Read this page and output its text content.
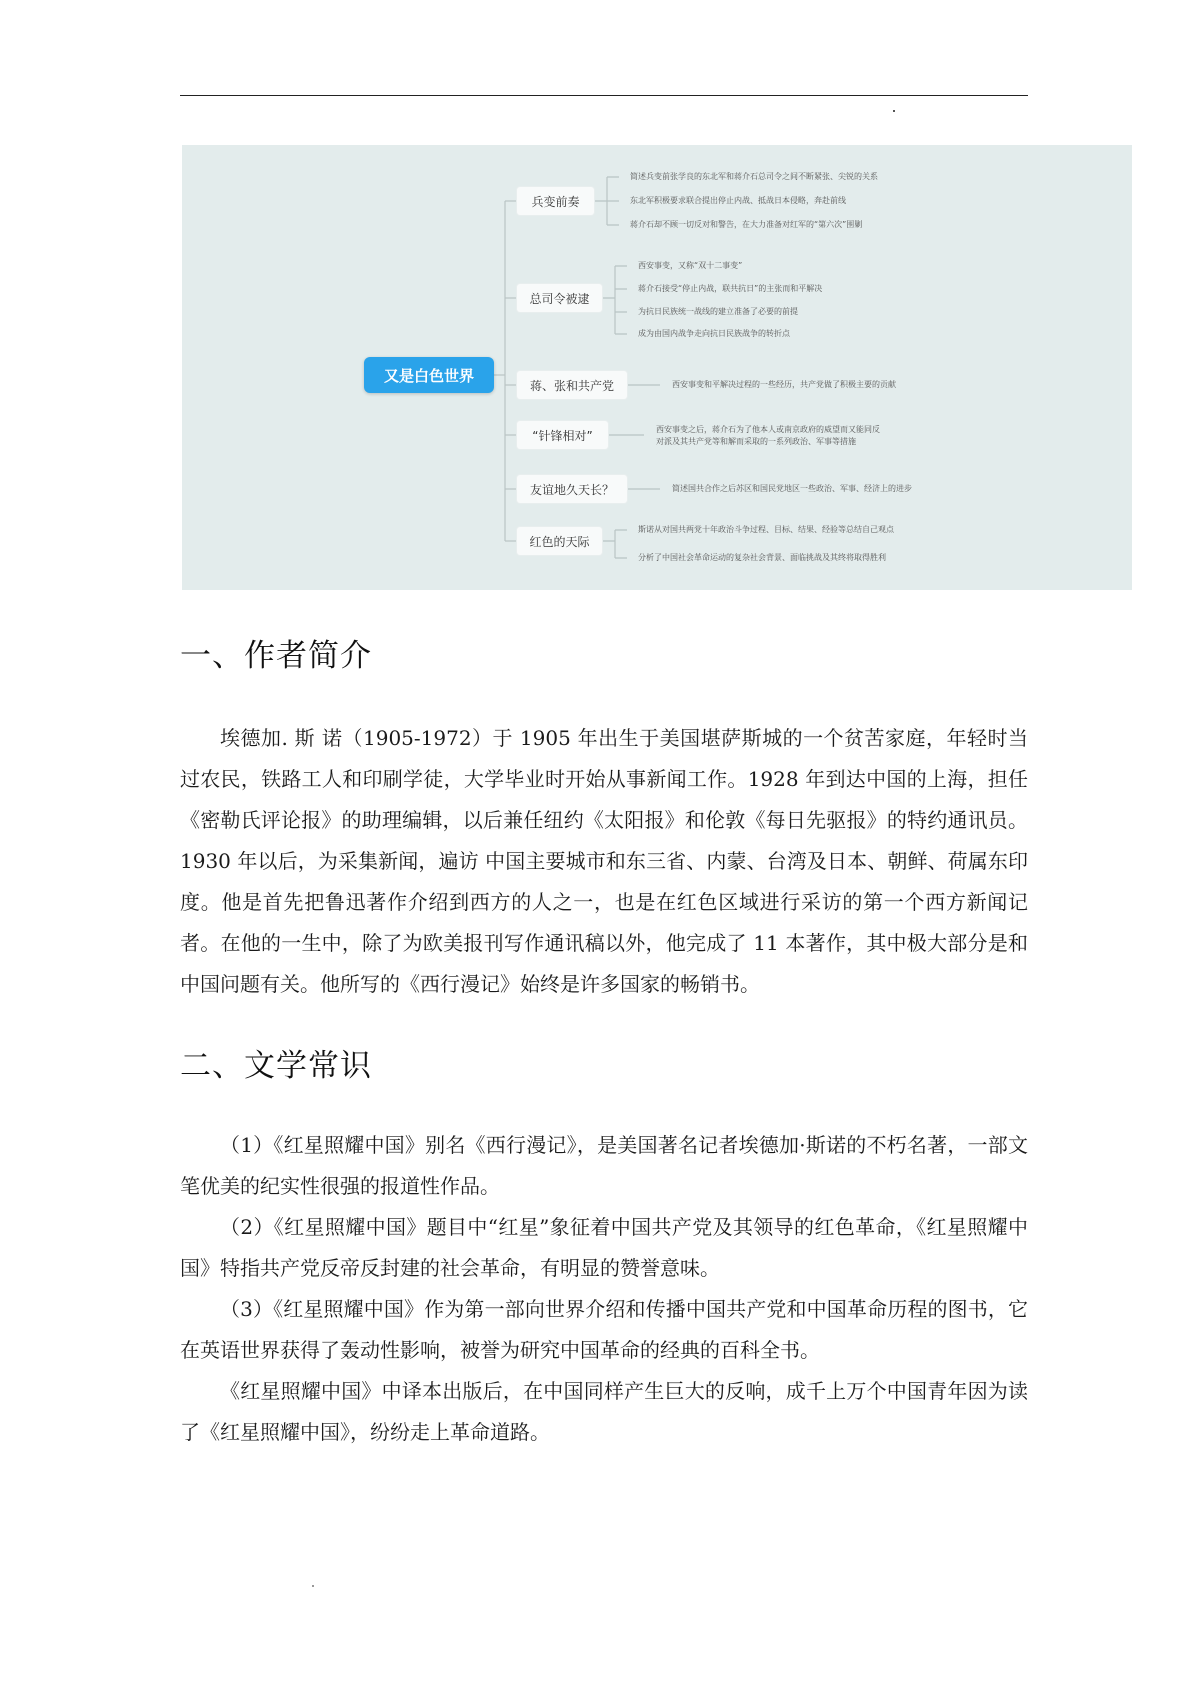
又是白色世界
兵变前奏
简述兵变前张学良的东北军和蒋介石总司令之间不断紧张、尖锐的关系
东北军积极要求联合提出停止内战、抵战日本侵略，奔赴前线
蒋介石却不顾一切反对和警告，在大力准备对红军的“第六次”围剿
总司令被逮
西安事变，又称“双十二事变”
蒋介石接受“停止内战，联共抗日”的主张而和平解决
为抗日民族统一战线的建立准备了必要的前提
成为由国内战争走向抗日民族战争的转折点
蒋、张和共产党	西安事变和平解决过程的一些经历，共产党做了积极主要的贡献
“针锋相对”	西安事变之后，蒋介石为了他本人或南京政府的威望而又能同反
对派及其共产党等和解而采取的一系列政治、军事等措施
友谊地久天长？	简述国共合作之后苏区和国民党地区一些政治、军事、经济上的进步
红色的天际
斯诺从对国共两党十年政治斗争过程、目标、结果、经验等总结自己观点
分析了中国社会革命运动的复杂社会背景、面临挑战及其终将取得胜利
一、作者简介

埃德加. 斯 诺（1905-1972）于 1905 年出生于美国堪萨斯城的一个贫苦家庭，年轻时当过农民，铁路工人和印刷学徒，大学毕业时开始从事新闻工作。1928 年到达中国的上海，担任《密勒氏评论报》的助理编辑，以后兼任纽约《太阳报》和伦敦《每日先驱报》的特约通讯员。1930 年以后，为采集新闻，遍访 中国主要城市和东三省、内蒙、台湾及日本、朝鲜、荷属东印度。他是首先把鲁迅著作介绍到西方的人之一，也是在红色区域进行采访的第一个西方新闻记者。在他的一生中，除了为欧美报刊写作通讯稿以外，他完成了 11 本著作，其中极大部分是和中国问题有关。他所写的《西行漫记》始终是许多国家的畅销书。

二、文学常识

（1）《红星照耀中国》别名《西行漫记》，是美国著名记者埃德加·斯诺的不朽名著，一部文笔优美的纪实性很强的报道性作品。

（2）《红星照耀中国》题目中“红星”象征着中国共产党及其领导的红色革命，《红星照耀中国》特指共产党反帝反封建的社会革命，有明显的赞誉意味。

（3）《红星照耀中国》作为第一部向世界介绍和传播中国共产党和中国革命历程的图书，它在英语世界获得了轰动性影响，被誉为研究中国革命的经典的百科全书。

《红星照耀中国》中译本出版后，在中国同样产生巨大的反响，成千上万个中国青年因为读了《红星照耀中国》，纷纷走上革命道路。
